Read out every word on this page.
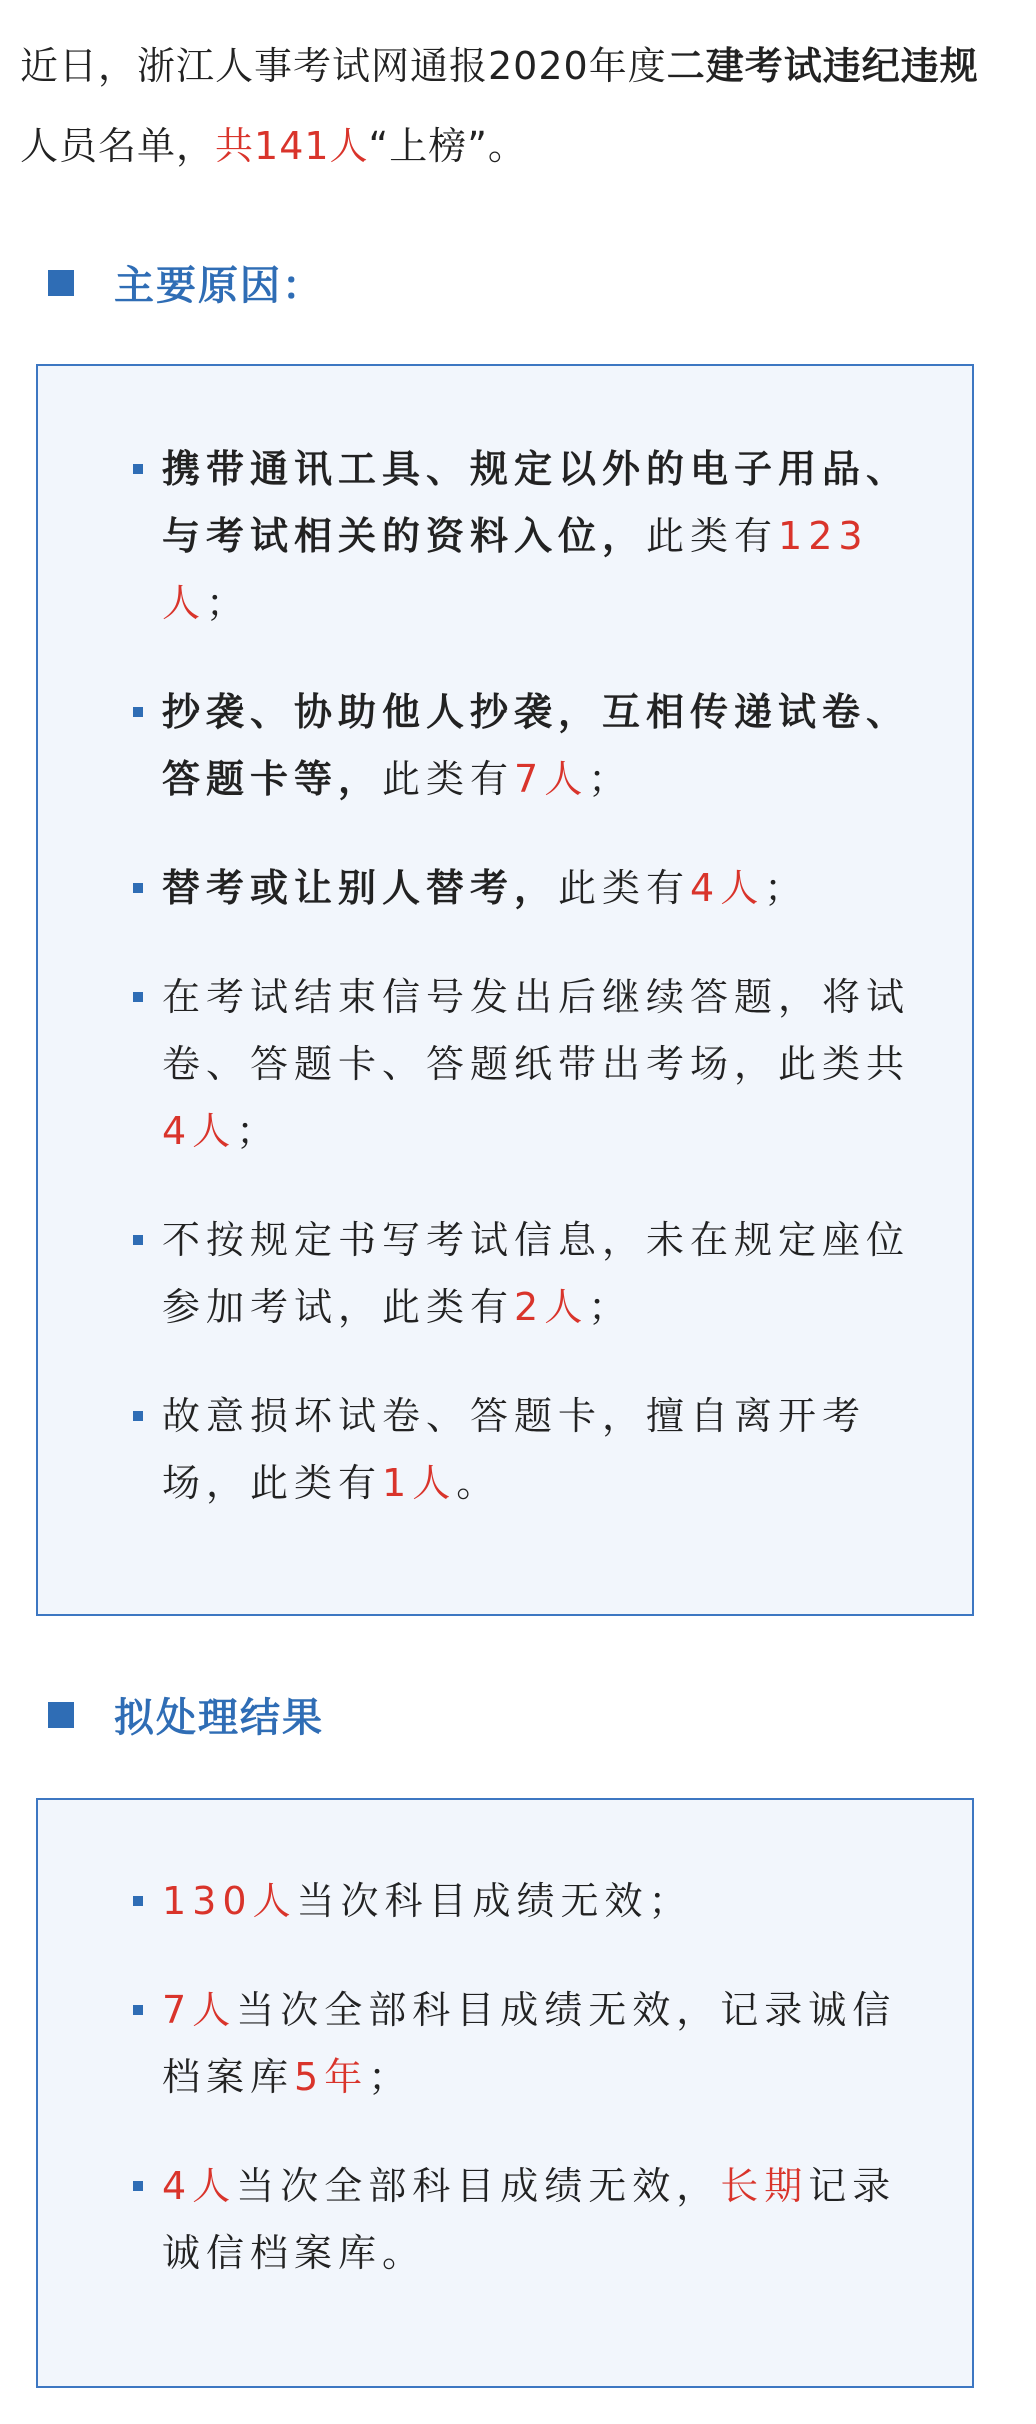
近日，浙江人事考试网通报2020年度二建考试违纪违规人员名单，共141人“上榜”。

主要原因：
携带通讯工具、规定以外的电子用品、与考试相关的资料入位，此类有123人；
抄袭、协助他人抄袭，互相传递试卷、答题卡等，此类有7人；
替考或让别人替考，此类有4人；
在考试结束信号发出后继续答题，将试卷、答题卡、答题纸带出考场，此类共4人；
不按规定书写考试信息，未在规定座位参加考试，此类有2人；
故意损坏试卷、答题卡，擅自离开考场，此类有1人。
拟处理结果
130人当次科目成绩无效；
7人当次全部科目成绩无效，记录诚信档案库5年；
4人当次全部科目成绩无效，长期记录诚信档案库。
